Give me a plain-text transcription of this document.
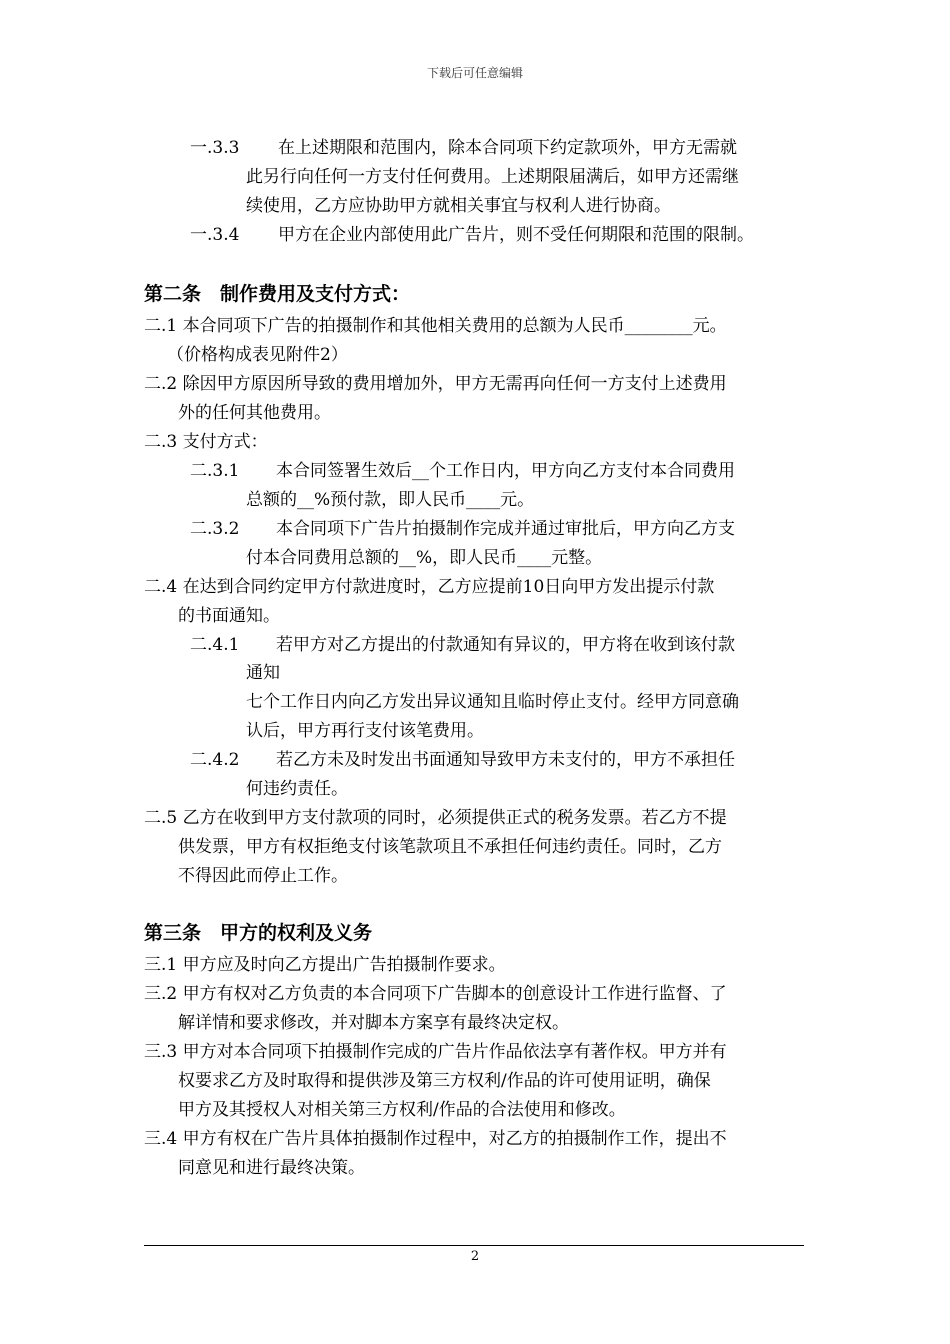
下载后可任意编辑
一.3.3 在上述期限和范围内，除本合同项下约定款项外，甲方无需就
此另行向任何一方支付任何费用。上述期限届满后，如甲方还需继
续使用，乙方应协助甲方就相关事宜与权利人进行协商。
一.3.4 甲方在企业内部使用此广告片，则不受任何期限和范围的限制。
第二条　制作费用及支付方式：
二.1 本合同项下广告的拍摄制作和其他相关费用的总额为人民币________元。
（价格构成表见附件2）
二.2 除因甲方原因所导致的费用增加外，甲方无需再向任何一方支付上述费用
外的任何其他费用。
二.3 支付方式：
二.3.1 本合同签署生效后__个工作日内，甲方向乙方支付本合同费用
总额的__%预付款，即人民币____元。
二.3.2 本合同项下广告片拍摄制作完成并通过审批后，甲方向乙方支
付本合同费用总额的__%，即人民币____元整。
二.4 在达到合同约定甲方付款进度时，乙方应提前10日向甲方发出提示付款
的书面通知。
二.4.1 若甲方对乙方提出的付款通知有异议的，甲方将在收到该付款
通知
七个工作日内向乙方发出异议通知且临时停止支付。经甲方同意确
认后，甲方再行支付该笔费用。
二.4.2 若乙方未及时发出书面通知导致甲方未支付的，甲方不承担任
何违约责任。
二.5 乙方在收到甲方支付款项的同时，必须提供正式的税务发票。若乙方不提
供发票，甲方有权拒绝支付该笔款项且不承担任何违约责任。同时，乙方
不得因此而停止工作。
第三条　甲方的权利及义务
三.1 甲方应及时向乙方提出广告拍摄制作要求。
三.2 甲方有权对乙方负责的本合同项下广告脚本的创意设计工作进行监督、了
解详情和要求修改，并对脚本方案享有最终决定权。
三.3 甲方对本合同项下拍摄制作完成的广告片作品依法享有著作权。甲方并有
权要求乙方及时取得和提供涉及第三方权利/作品的许可使用证明，确保
甲方及其授权人对相关第三方权利/作品的合法使用和修改。
三.4 甲方有权在广告片具体拍摄制作过程中，对乙方的拍摄制作工作，提出不
同意见和进行最终决策。
2
